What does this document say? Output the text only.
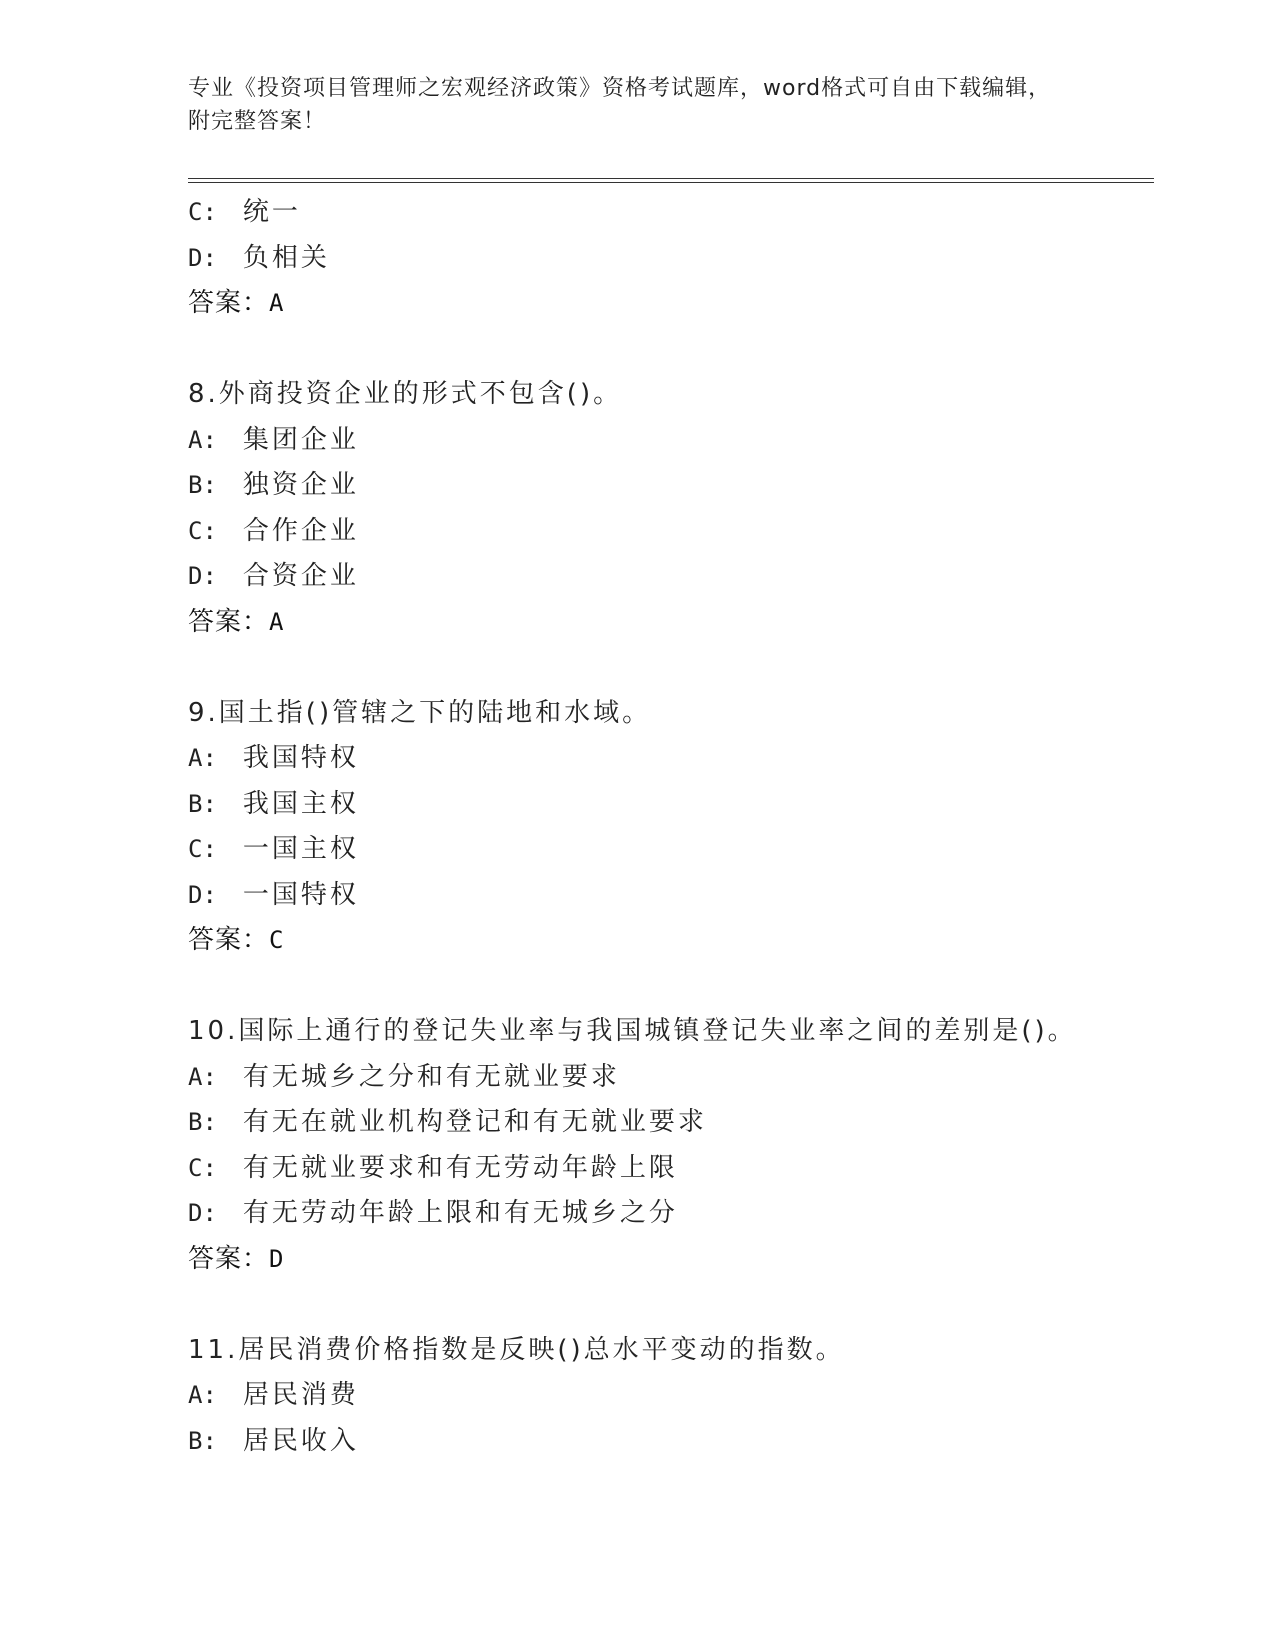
专业《投资项目管理师之宏观经济政策》资格考试题库，word格式可自由下载编辑，附完整答案！
C: 统一
D: 负相关
答案：A
8.外商投资企业的形式不包含()。
A: 集团企业
B: 独资企业
C: 合作企业
D: 合资企业
答案：A
9.国土指()管辖之下的陆地和水域。
A: 我国特权
B: 我国主权
C: 一国主权
D: 一国特权
答案：C
10.国际上通行的登记失业率与我国城镇登记失业率之间的差别是()。
A: 有无城乡之分和有无就业要求
B: 有无在就业机构登记和有无就业要求
C: 有无就业要求和有无劳动年龄上限
D: 有无劳动年龄上限和有无城乡之分
答案：D
11.居民消费价格指数是反映()总水平变动的指数。
A: 居民消费
B: 居民收入
